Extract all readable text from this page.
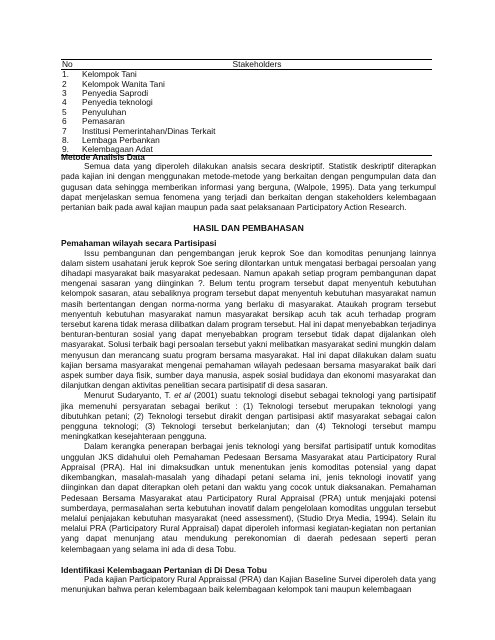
No	Stakeholders
1.	Kelompok Tani
2	Kelompok Wanita Tani
3	Penyedia Saprodi
4	Penyedia teknologi
5	Penyuluhan
6	Pemasaran
7	Institusi Pemerintahan/Dinas Terkait
8.	Lembaga Perbankan
9.	Kelembagaan Adat
Metode Analisis Data

Semua data yang diperoleh dilakukan analsis secara deskriptif. Statistik deskriptif diterapkan pada kajian ini dengan menggunakan metode-metode yang berkaitan dengan pengumpulan data dan gugusan data sehingga memberikan informasi yang berguna, (Walpole, 1995). Data yang terkumpul dapat menjelaskan semua fenomena yang terjadi dan berkaitan dengan stakeholders kelembagaan pertanian baik pada awal kajian maupun pada saat pelaksanaan Participatory Action Research.

HASIL DAN PEMBAHASAN
Pemahaman wilayah secara Partisipasi

Issu pembangunan dan pengembangan jeruk keprok Soe dan komoditas penunjang lainnya dalam sistem usahatani jeruk keprok Soe sering dilontarkan untuk mengatasi berbagai persoalan yang dihadapi masyarakat baik masyarakat pedesaan. Namun apakah setiap program pembangunan dapat mengenai sasaran yang diinginkan ?. Belum tentu program tersebut dapat menyentuh kebutuhan kelompok sasaran, atau sebaliknya program tersebut dapat menyentuh kebutuhan masyarakat namun masih bertentangan dengan norma-norma yang berlaku di masyarakat. Ataukah program tersebut menyentuh kebutuhan masyarakat namun masyarakat bersikap acuh tak acuh terhadap program tersebut karena tidak merasa dilibatkan dalam program tersebut. Hal ini dapat menyebabkan terjadinya benturan-benturan sosial yang dapat menyebabkan program tersebut tidak dapat dijalankan oleh masyarakat. Solusi terbaik bagi persoalan tersebut yakni melibatkan masyarakat sedini mungkin dalam menyusun dan merancang suatu program bersama masyarakat. Hal ini dapat dilakukan dalam suatu kajian bersama masyarakat mengenai pemahaman wilayah pedesaan bersama masyarakat baik dari aspek sumber daya fisik, sumber daya manusia, aspek sosial budidaya dan ekonomi masyarakat dan dilanjutkan dengan aktivitas penelitian secara partisipatif di desa sasaran.

Menurut Sudaryanto, T. et al (2001) suatu teknologi disebut sebagai teknologi yang partisipatif jika memenuhi persyaratan sebagai berikut : (1) Teknologi tersebut merupakan teknologi yang dibutuhkan petani; (2) Teknologi tersebut dirakit dengan partisipasi aktif masyarakat sebagai calon pengguna teknologi; (3) Teknologi tersebut berkelanjutan; dan (4) Teknologi tersebut mampu meningkatkan kesejahteraan pengguna.

Dalam kerangka penerapan berbagai jenis teknologi yang bersifat partisipatif untuk komoditas unggulan JKS didahului oleh Pemahaman Pedesaan Bersama Masyarakat atau Participatory Rural Appraisal (PRA). Hal ini dimaksudkan untuk menentukan jenis komoditas potensial yang dapat dikembangkan, masalah-masalah yang dihadapi petani selama ini, jenis teknologi inovatif yang diinginkan dan dapat diterapkan oleh petani dan waktu yang cocok untuk diaksanakan. Pemahaman Pedesaan Bersama Masyarakat atau Participatory Rural Appraisal (PRA) untuk menjajaki potensi sumberdaya, permasalahan serta kebutuhan inovatif dalam pengelolaan komoditas unggulan tersebut melalui penjajakan kebutuhan masyarakat (need assessment), (Studio Drya Media, 1994). Selain itu melalui PRA (Participatory Rural Appraisal) dapat diperoleh informasi kegiatan-kegiatan non pertanian yang dapat menunjang atau mendukung perekonomian di daerah pedesaan seperti peran kelembagaan yang selama ini ada di desa Tobu.

Identifikasi Kelembagaan Pertanian di Di Desa Tobu

Pada kajian Participatory Rural Appraissal (PRA) dan Kajian Baseline Survei diperoleh data yang menunjukan bahwa peran kelembagaan baik kelembagaan kelompok tani maupun kelembagaan
